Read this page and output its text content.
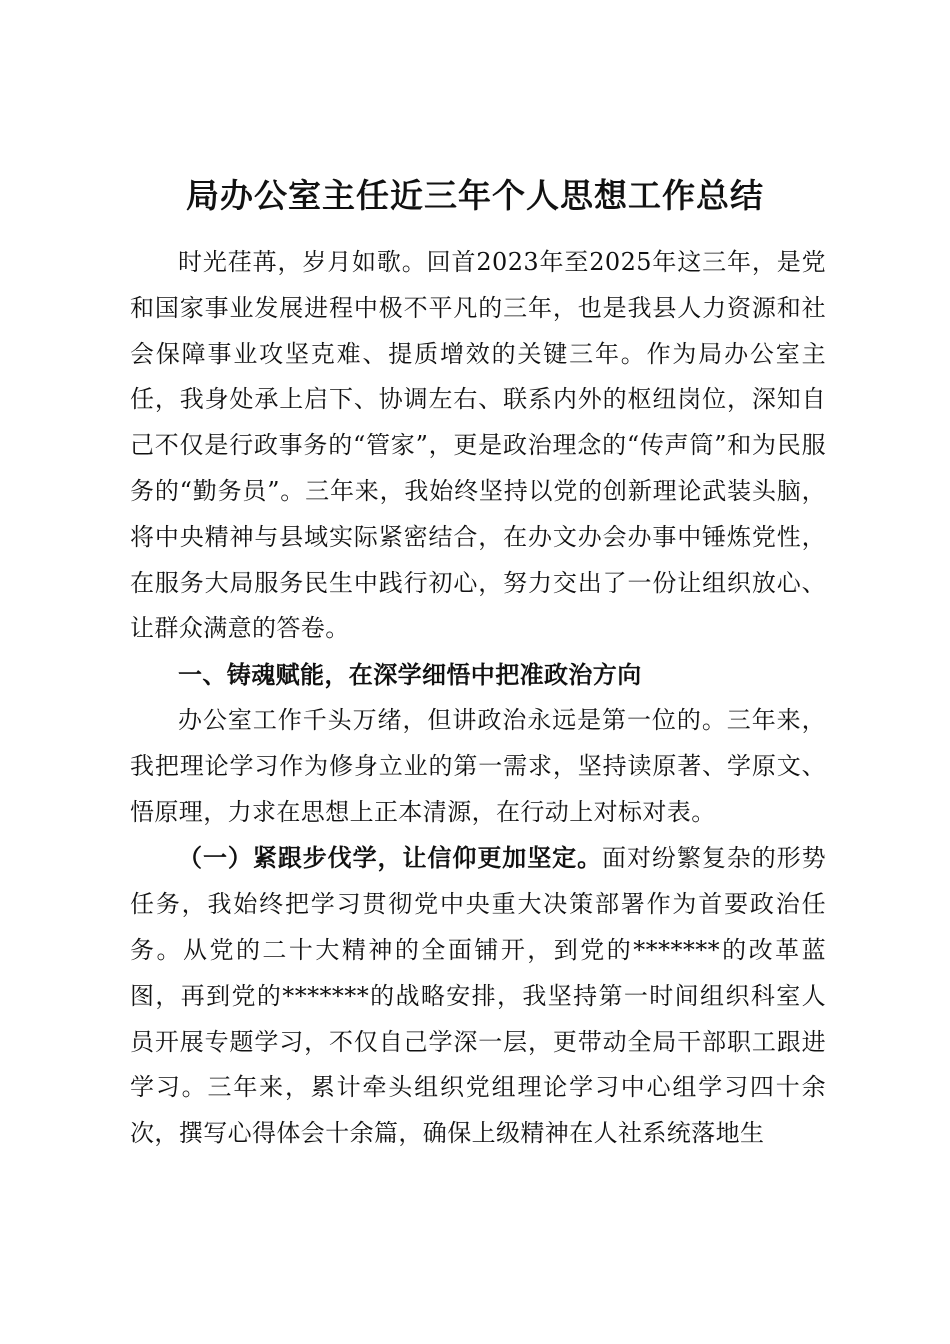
局办公室主任近三年个人思想工作总结

时光荏苒，岁月如歌。回首2023年至2025年这三年，是党和国家事业发展进程中极不平凡的三年，也是我县人力资源和社会保障事业攻坚克难、提质增效的关键三年。作为局办公室主任，我身处承上启下、协调左右、联系内外的枢纽岗位，深知自己不仅是行政事务的“管家”，更是政治理念的“传声筒”和为民服务的“勤务员”。三年来，我始终坚持以党的创新理论武装头脑，将中央精神与县域实际紧密结合，在办文办会办事中锤炼党性，在服务大局服务民生中践行初心，努力交出了一份让组织放心、让群众满意的答卷。

一、铸魂赋能，在深学细悟中把准政治方向

办公室工作千头万绪，但讲政治永远是第一位的。三年来，我把理论学习作为修身立业的第一需求，坚持读原著、学原文、悟原理，力求在思想上正本清源，在行动上对标对表。

（一）紧跟步伐学，让信仰更加坚定。面对纷繁复杂的形势任务，我始终把学习贯彻党中央重大决策部署作为首要政治任务。从党的二十大精神的全面铺开，到党的*******的改革蓝图，再到党的*******的战略安排，我坚持第一时间组织科室人员开展专题学习，不仅自己学深一层，更带动全局干部职工跟进学习。三年来，累计牵头组织党组理论学习中心组学习四十余次，撰写心得体会十余篇，确保上级精神在人社系统落地生
